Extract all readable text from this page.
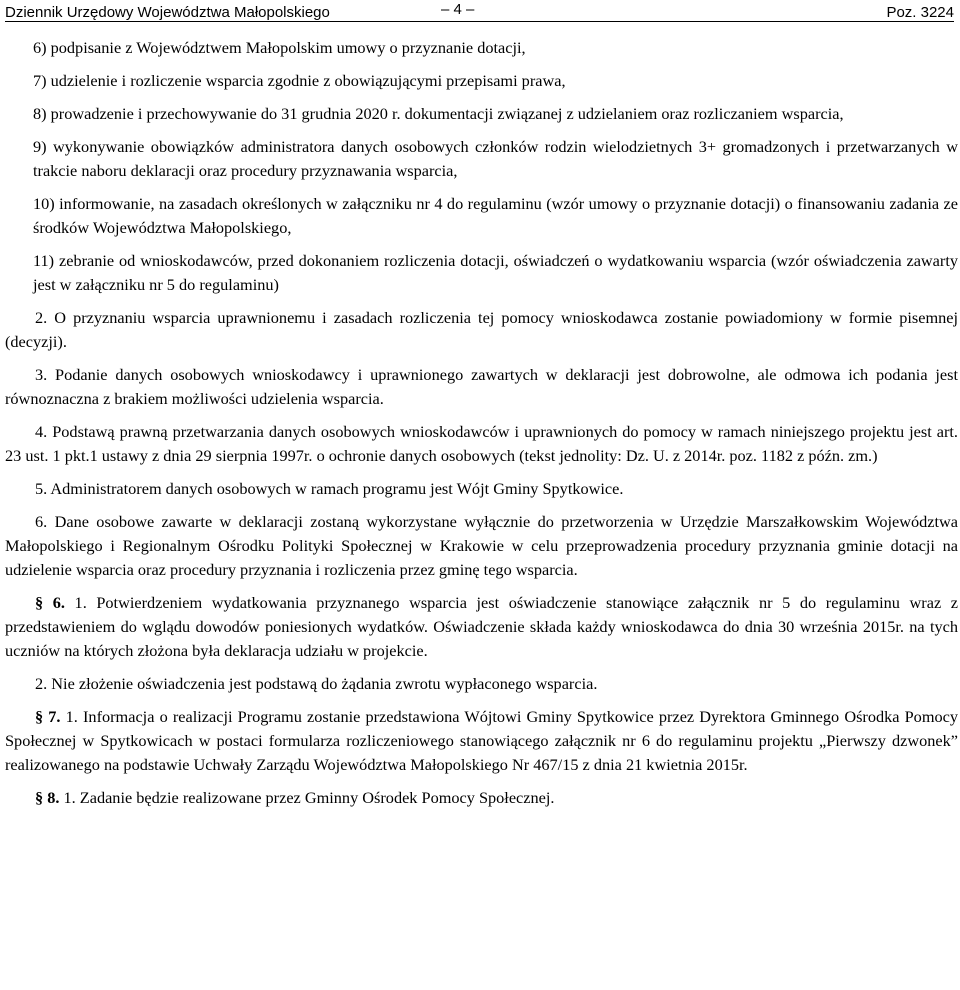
Dziennik Urzędowy Województwa Małopolskiego	– 4 –	Poz. 3224

6) podpisanie z Województwem Małopolskim umowy o przyznanie dotacji,

7) udzielenie i rozliczenie wsparcia zgodnie z obowiązującymi przepisami prawa,

8) prowadzenie i przechowywanie do 31 grudnia 2020 r. dokumentacji związanej z udzielaniem oraz rozliczaniem wsparcia,

9) wykonywanie obowiązków administratora danych osobowych członków rodzin wielodzietnych 3+ gromadzonych i przetwarzanych w trakcie naboru deklaracji oraz procedury przyznawania wsparcia,

10) informowanie, na zasadach określonych w załączniku nr 4 do regulaminu (wzór umowy o przyznanie dotacji) o finansowaniu zadania ze środków Województwa Małopolskiego,

11) zebranie od wnioskodawców, przed dokonaniem rozliczenia dotacji, oświadczeń o wydatkowaniu wsparcia (wzór oświadczenia zawarty jest w załączniku nr 5 do regulaminu)

2. O przyznaniu wsparcia uprawnionemu i zasadach rozliczenia tej pomocy wnioskodawca zostanie powiadomiony w formie pisemnej (decyzji).

3. Podanie danych osobowych wnioskodawcy i uprawnionego zawartych w deklaracji jest dobrowolne, ale odmowa ich podania jest równoznaczna z brakiem możliwości udzielenia wsparcia.

4. Podstawą prawną przetwarzania danych osobowych wnioskodawców i uprawnionych do pomocy w ramach niniejszego projektu jest art. 23 ust. 1 pkt.1 ustawy z dnia 29 sierpnia 1997r. o ochronie danych osobowych (tekst jednolity: Dz. U. z 2014r. poz. 1182 z późn. zm.)

5. Administratorem danych osobowych w ramach programu jest Wójt Gminy Spytkowice.

6. Dane osobowe zawarte w deklaracji zostaną wykorzystane wyłącznie do przetworzenia w Urzędzie Marszałkowskim Województwa Małopolskiego i Regionalnym Ośrodku Polityki Społecznej w Krakowie w celu przeprowadzenia procedury przyznania gminie dotacji na udzielenie wsparcia oraz procedury przyznania i rozliczenia przez gminę tego wsparcia.

§ 6. 1. Potwierdzeniem wydatkowania przyznanego wsparcia jest oświadczenie stanowiące załącznik nr 5 do regulaminu wraz z przedstawieniem do wglądu dowodów poniesionych wydatków. Oświadczenie składa każdy wnioskodawca do dnia 30 września 2015r. na tych uczniów na których złożona była deklaracja udziału w projekcie.

2. Nie złożenie oświadczenia jest podstawą do żądania zwrotu wypłaconego wsparcia.

§ 7. 1. Informacja o realizacji Programu zostanie przedstawiona Wójtowi Gminy Spytkowice przez Dyrektora Gminnego Ośrodka Pomocy Społecznej w Spytkowicach w postaci formularza rozliczeniowego stanowiącego załącznik nr 6 do regulaminu projektu „Pierwszy dzwonek” realizowanego na podstawie Uchwały Zarządu Województwa Małopolskiego Nr 467/15 z dnia 21 kwietnia 2015r.

§ 8. 1. Zadanie będzie realizowane przez Gminny Ośrodek Pomocy Społecznej.
